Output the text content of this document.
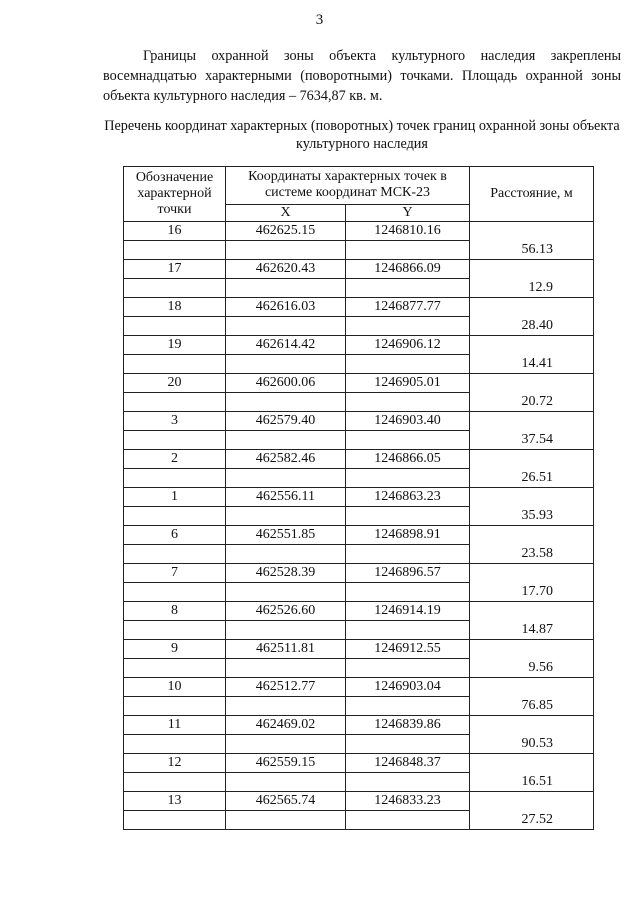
3

Границы охранной зоны объекта культурного наследия закреплены восемнадцатью характерными (поворотными) точками. Площадь охранной зоны объекта культурного наследия – 7634,87 кв. м.

Перечень координат характерных (поворотных) точек границ охранной зоны объекта культурного наследия

Обозначение характерной точки	Координаты характерных точек в системе координат МСК-23		Расстояние, м

	X	Y	
16	462625.15	1246810.16	
			56.13
17	462620.43	1246866.09	
			12.9
18	462616.03	1246877.77	
			28.40
19	462614.42	1246906.12	
			14.41
20	462600.06	1246905.01	
			20.72
3	462579.40	1246903.40	
			37.54
2	462582.46	1246866.05	
			26.51
1	462556.11	1246863.23	
			35.93
6	462551.85	1246898.91	
			23.58
7	462528.39	1246896.57	
			17.70
8	462526.60	1246914.19	
			14.87
9	462511.81	1246912.55	
			9.56
10	462512.77	1246903.04	
			76.85
11	462469.02	1246839.86	
			90.53
12	462559.15	1246848.37	
			16.51
13	462565.74	1246833.23	
			27.52
